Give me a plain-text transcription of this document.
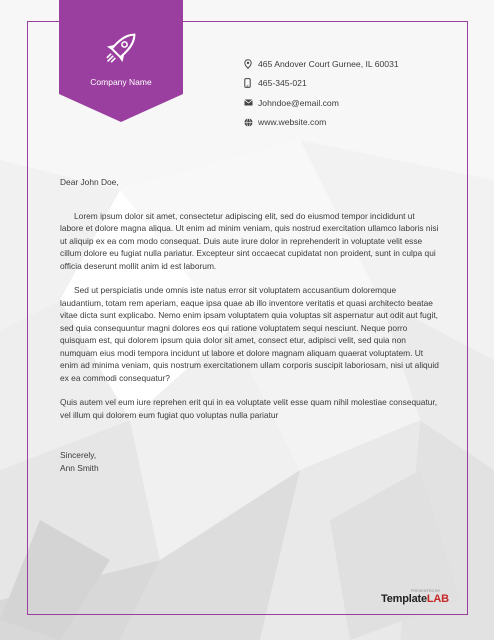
Company Name
465 Andover Court Gurnee, IL 60031
465-345-021
Johndoe@email.com
www.website.com

Dear John Doe,

Lorem ipsum dolor sit amet, consectetur adipiscing elit, sed do eiusmod tempor incididunt ut labore et dolore magna aliqua. Ut enim ad minim veniam, quis nostrud exercitation ullamco laboris nisi ut aliquip ex ea com modo consequat. Duis aute irure dolor in reprehenderit in voluptate velit esse cillum dolore eu fugiat nulla pariatur. Excepteur sint occaecat cupidatat non proident, sunt in culpa qui officia deserunt mollit anim id est laborum.

Sed ut perspiciatis unde omnis iste natus error sit voluptatem accusantium doloremque laudantium, totam rem aperiam, eaque ipsa quae ab illo inventore veritatis et quasi architecto beatae vitae dicta sunt explicabo. Nemo enim ipsam voluptatem quia voluptas sit aspernatur aut odit aut fugit, sed quia consequuntur magni dolores eos qui ratione voluptatem sequi nesciunt. Neque porro quisquam est, qui dolorem ipsum quia dolor sit amet, consect etur, adipisci velit, sed quia non numquam eius modi tempora incidunt ut labore et dolore magnam aliquam quaerat voluptatem. Ut enim ad minima veniam, quis nostrum exercitationem ullam corporis suscipit laboriosam, nisi ut aliquid ex ea commodi consequatur?

Quis autem vel eum iure reprehen erit qui in ea voluptate velit esse quam nihil molestiae consequatur, vel illum qui dolorem eum fugiat quo voluptas nulla pariatur

Sincerely,

Ann Smith

PRESENTED BY
TemplateLAB
